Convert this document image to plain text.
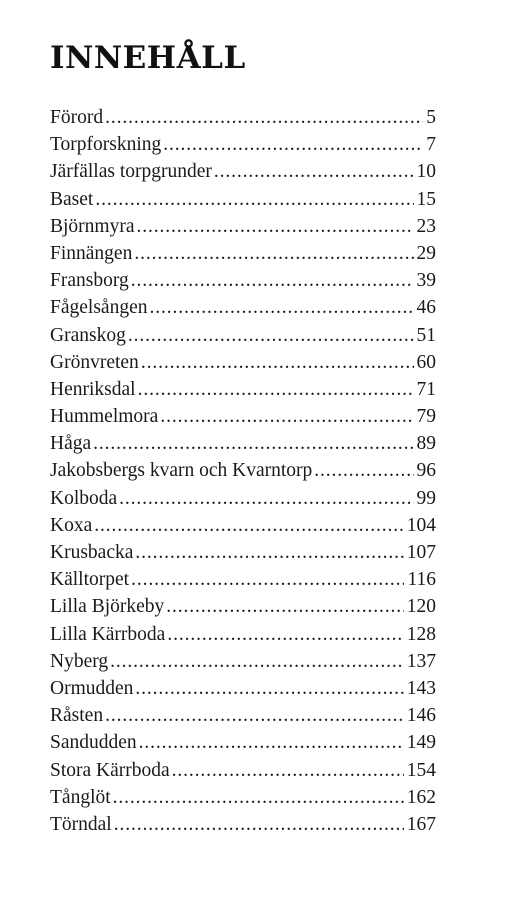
INNEHÅLL
Förord . . .	5
Torpforskning . . .	7
Järfällas torpgrunder . . .	10
Baset . . .	15
Björnmyra . . .	23
Finnängen . . .	29
Fransborg . . .	39
Fågelsången . . .	46
Granskog . . .	51
Grönvreten . . .	60
Henriksdal . . .	71
Hummelmora . . .	79
Håga . . .	89
Jakobsbergs kvarn och Kvarntorp . . .	96
Kolboda . . .	99
Koxa . . .	104
Krusbacka . . .	107
Källtorpet . . .	116
Lilla Björkeby . . .	120
Lilla Kärrboda . . .	128
Nyberg . . .	137
Ormudden . . .	143
Råsten . . .	146
Sandudden . . .	149
Stora Kärrboda . . .	154
Tånglöt . . .	162
Törndal . . .	167
